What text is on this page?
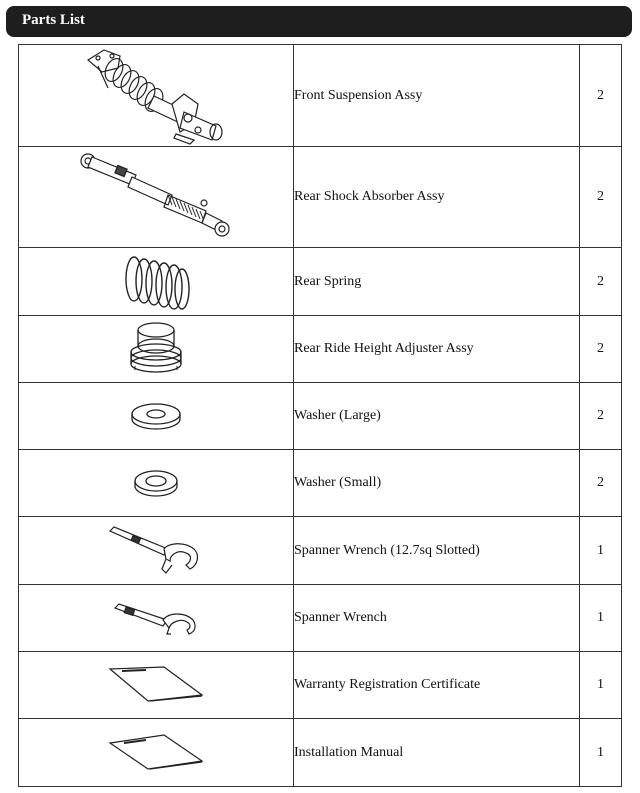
Parts List
	Front Suspension Assy	2

	Rear Shock Absorber Assy	2

	Rear Spring	2

	Rear Ride Height Adjuster Assy	2

	Washer (Large)	2

	Washer (Small)	2

	Spanner Wrench (12.7sq Slotted)	1

	Spanner Wrench	1

	Warranty Registration Certificate	1

	Installation Manual	1
